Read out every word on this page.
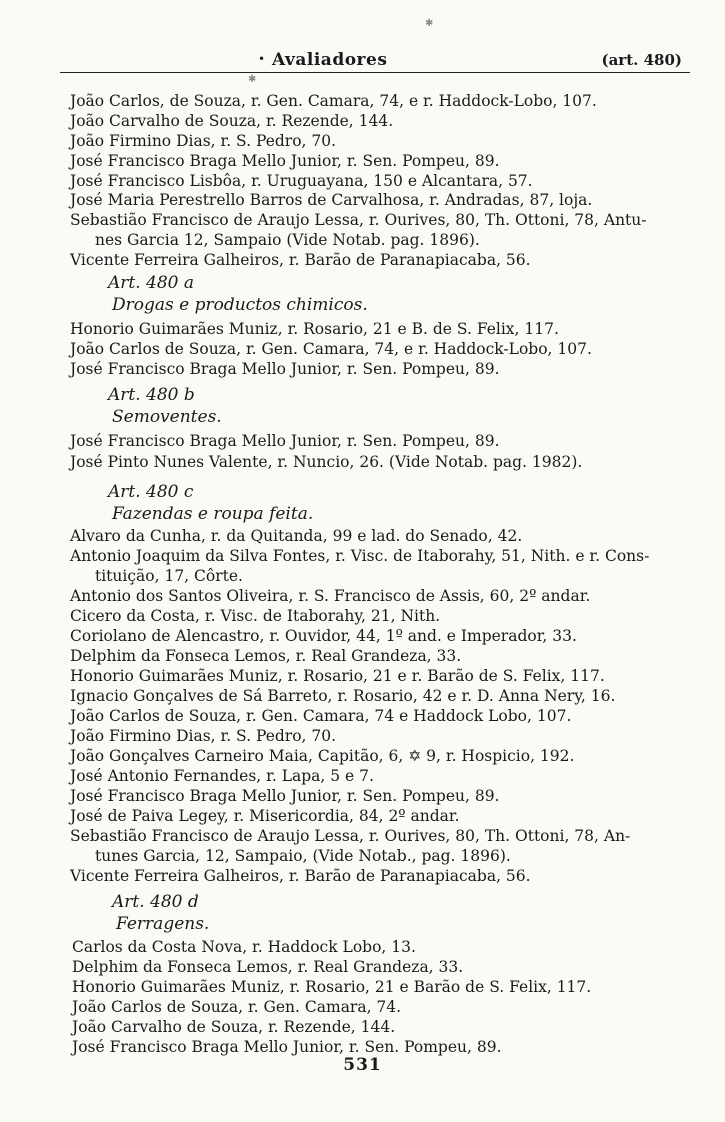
✱
✱
• Avaliadores	(art. 480)
João Carlos, de Souza, r. Gen. Camara, 74, e r. Haddock-Lobo, 107.
João Carvalho de Souza, r. Rezende, 144.
João Firmino Dias, r. S. Pedro, 70.
José Francisco Braga Mello Junior, r. Sen. Pompeu, 89.
José Francisco Lisbôa, r. Uruguayana, 150 e Alcantara, 57.
José Maria Perestrello Barros de Carvalhosa, r. Andradas, 87, loja.
Sebastião Francisco de Araujo Lessa, r. Ourives, 80, Th. Ottoni, 78, Antu-
nes Garcia 12, Sampaio (Vide Notab. pag. 1896).
Vicente Ferreira Galheiros, r. Barão de Paranapiacaba, 56.
Art. 480 a
Drogas e productos chimicos.
Honorio Guimarães Muniz, r. Rosario, 21 e B. de S. Felix, 117.
João Carlos de Souza, r. Gen. Camara, 74, e r. Haddock-Lobo, 107.
José Francisco Braga Mello Junior, r. Sen. Pompeu, 89.
Art. 480 b
Semoventes.
José Francisco Braga Mello Junior, r. Sen. Pompeu, 89.
José Pinto Nunes Valente, r. Nuncio, 26. (Vide Notab. pag. 1982).
Art. 480 c
Fazendas e roupa feita.
Alvaro da Cunha, r. da Quitanda, 99 e lad. do Senado, 42.
Antonio Joaquim da Silva Fontes, r. Visc. de Itaborahy, 51, Nith. e r. Cons-
tituição, 17, Côrte.
Antonio dos Santos Oliveira, r. S. Francisco de Assis, 60, 2º andar.
Cicero da Costa, r. Visc. de Itaborahy, 21, Nith.
Coriolano de Alencastro, r. Ouvidor, 44, 1º and. e Imperador, 33.
Delphim da Fonseca Lemos, r. Real Grandeza, 33.
Honorio Guimarães Muniz, r. Rosario, 21 e r. Barão de S. Felix, 117.
Ignacio Gonçalves de Sá Barreto, r. Rosario, 42 e r. D. Anna Nery, 16.
João Carlos de Souza, r. Gen. Camara, 74 e Haddock Lobo, 107.
João Firmino Dias, r. S. Pedro, 70.
João Gonçalves Carneiro Maia, Capitão, 6, ✡ 9, r. Hospicio, 192.
José Antonio Fernandes, r. Lapa, 5 e 7.
José Francisco Braga Mello Junior, r. Sen. Pompeu, 89.
José de Paiva Legey, r. Misericordia, 84, 2º andar.
Sebastião Francisco de Araujo Lessa, r. Ourives, 80, Th. Ottoni, 78, An-
tunes Garcia, 12, Sampaio, (Vide Notab., pag. 1896).
Vicente Ferreira Galheiros, r. Barão de Paranapiacaba, 56.
Art. 480 d
Ferragens.
Carlos da Costa Nova, r. Haddock Lobo, 13.
Delphim da Fonseca Lemos, r. Real Grandeza, 33.
Honorio Guimarães Muniz, r. Rosario, 21 e Barão de S. Felix, 117.
João Carlos de Souza, r. Gen. Camara, 74.
João Carvalho de Souza, r. Rezende, 144.
José Francisco Braga Mello Junior, r. Sen. Pompeu, 89.
531
